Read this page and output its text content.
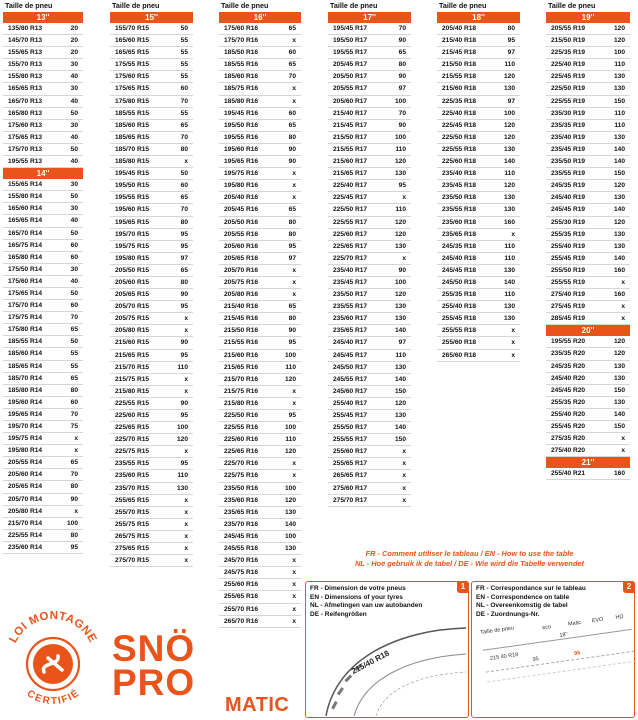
Taille de pneu
13''
135/80 R13	20
145/70 R13	20
155/65 R13	20
155/70 R13	30
155/80 R13	40
165/65 R13	30
165/70 R13	40
165/80 R13	50
175/60 R13	30
175/65 R13	40
175/70 R13	50
195/55 R13	40
14''
155/65 R14	30
155/80 R14	50
165/60 R14	30
165/65 R14	40
165/70 R14	50
165/75 R14	60
165/80 R14	60
175/50 R14	30
175/60 R14	40
175/65 R14	50
175/70 R14	60
175/75 R14	70
175/80 R14	65
185/55 R14	50
185/60 R14	55
185/65 R14	55
185/70 R14	65
185/80 R14	80
195/60 R14	60
195/65 R14	70
195/70 R14	75
195/75 R14	x
195/80 R14	x
205/55 R14	65
205/60 R14	70
205/65 R14	80
205/70 R14	90
205/80 R14	x
215/70 R14	100
225/55 R14	80
235/60 R14	95
Taille de pneu
15''
155/70 R15	50
165/60 R15	55
165/65 R15	55
175/55 R15	55
175/60 R15	55
175/65 R15	60
175/80 R15	70
185/55 R15	55
185/60 R15	65
185/65 R15	70
185/70 R15	80
185/80 R15	x
195/45 R15	50
195/50 R15	60
195/55 R15	65
195/60 R15	70
195/65 R15	80
195/70 R15	95
195/75 R15	95
195/80 R15	97
205/50 R15	65
205/60 R15	80
205/65 R15	90
205/70 R15	95
205/75 R15	x
205/80 R15	x
215/60 R15	90
215/65 R15	95
215/70 R15	110
215/75 R15	x
215/80 R15	x
225/55 R15	90
225/60 R15	95
225/65 R15	100
225/70 R15	120
225/75 R15	x
235/55 R15	95
235/60 R15	110
235/70 R15	130
255/65 R15	x
255/70 R15	x
255/75 R15	x
265/75 R15	x
275/65 R15	x
275/70 R15	x
Taille de pneu
16''
175/60 R16	65
175/70 R16	x
185/50 R16	60
185/55 R16	65
185/60 R16	70
185/75 R16	x
185/80 R16	x
195/45 R16	60
195/50 R16	65
195/55 R16	80
195/60 R16	90
195/65 R16	90
195/75 R16	x
195/80 R16	x
205/40 R16	x
205/45 R16	65
205/50 R16	80
205/55 R16	80
205/60 R16	95
205/65 R16	97
205/70 R16	x
205/75 R16	x
205/80 R16	x
215/40 R16	65
215/45 R16	80
215/50 R16	90
215/55 R16	95
215/60 R16	100
215/65 R16	110
215/70 R16	120
215/75 R16	x
215/80 R16	x
225/50 R16	95
225/55 R16	100
225/60 R16	110
225/65 R16	120
225/70 R16	x
225/75 R16	x
235/50 R16	100
235/60 R16	120
235/65 R16	130
235/70 R16	140
245/45 R16	100
245/55 R16	130
245/70 R16	x
245/75 R16	x
255/60 R16	x
255/65 R16	x
255/70 R16	x
265/70 R16	x
Taille de pneu
17''
195/45 R17	70
195/50 R17	90
195/55 R17	65
205/45 R17	80
205/50 R17	90
205/55 R17	97
205/60 R17	100
215/40 R17	70
215/45 R17	90
215/50 R17	100
215/55 R17	110
215/60 R17	120
215/65 R17	130
225/40 R17	95
225/45 R17	x
225/50 R17	110
225/55 R17	120
225/60 R17	120
225/65 R17	130
225/70 R17	x
235/40 R17	90
235/45 R17	100
235/50 R17	120
235/55 R17	130
235/60 R17	130
235/65 R17	140
245/40 R17	97
245/45 R17	110
245/50 R17	130
245/55 R17	140
245/60 R17	150
255/40 R17	120
255/45 R17	130
255/50 R17	140
255/55 R17	150
255/60 R17	x
255/65 R17	x
265/65 R17	x
275/60 R17	x
275/70 R17	x
Taille de pneu
18''
205/40 R18	80
215/40 R18	95
215/45 R18	97
215/50 R18	110
215/55 R18	120
215/60 R18	130
225/35 R18	97
225/40 R18	100
225/45 R18	120
225/50 R18	120
225/55 R18	130
225/60 R18	140
235/40 R18	110
235/45 R18	120
235/50 R18	130
235/55 R18	130
235/60 R18	160
235/65 R18	x
245/35 R18	110
245/40 R18	110
245/45 R18	130
245/50 R18	140
255/35 R18	110
255/40 R18	130
255/45 R18	130
255/55 R18	x
255/60 R18	x
265/60 R18	x
Taille de pneu
19''
205/55 R19	120
215/50 R19	120
225/35 R19	100
225/40 R19	110
225/45 R19	130
225/50 R19	130
225/55 R19	150
235/30 R19	110
235/35 R19	110
235/40 R19	130
235/45 R19	140
235/50 R19	140
235/55 R19	150
245/35 R19	120
245/40 R19	130
245/45 R19	140
255/30 R19	120
255/35 R19	130
255/40 R19	130
255/45 R19	140
255/50 R19	160
255/55 R19	x
275/40 R19	160
275/45 R19	x
285/45 R19	x
20''
195/55 R20	120
235/35 R20	120
245/35 R20	130
245/40 R20	130
245/45 R20	150
255/35 R20	130
255/40 R20	140
255/45 R20	150
275/35 R20	x
275/40 R20	x
21''
255/40 R21	160
LOI MONTAGNE
CERTIFIÉ
SNÖ
PRO
MATIC
FR - Comment utiliser le tableau / EN - How to use the table
NL - Hoe gebruik ik de tabel / DE - Wie wird die Tabelle verwendet
1
FR - Dimension de votre pneus
EN - Dimensions of your tyres
NL - Afmetingen van uw autobanden
DE - Reifengrößen
215/40 R18
2
FR - Correspondance sur le tableau
EN - Correspondence on table
NL - Overeenkomstig de tabel
DE - Zuordnungs-Nr.
Taille de pneu	eco
Matic EVO HD
18''
215 40 R18 95
95
